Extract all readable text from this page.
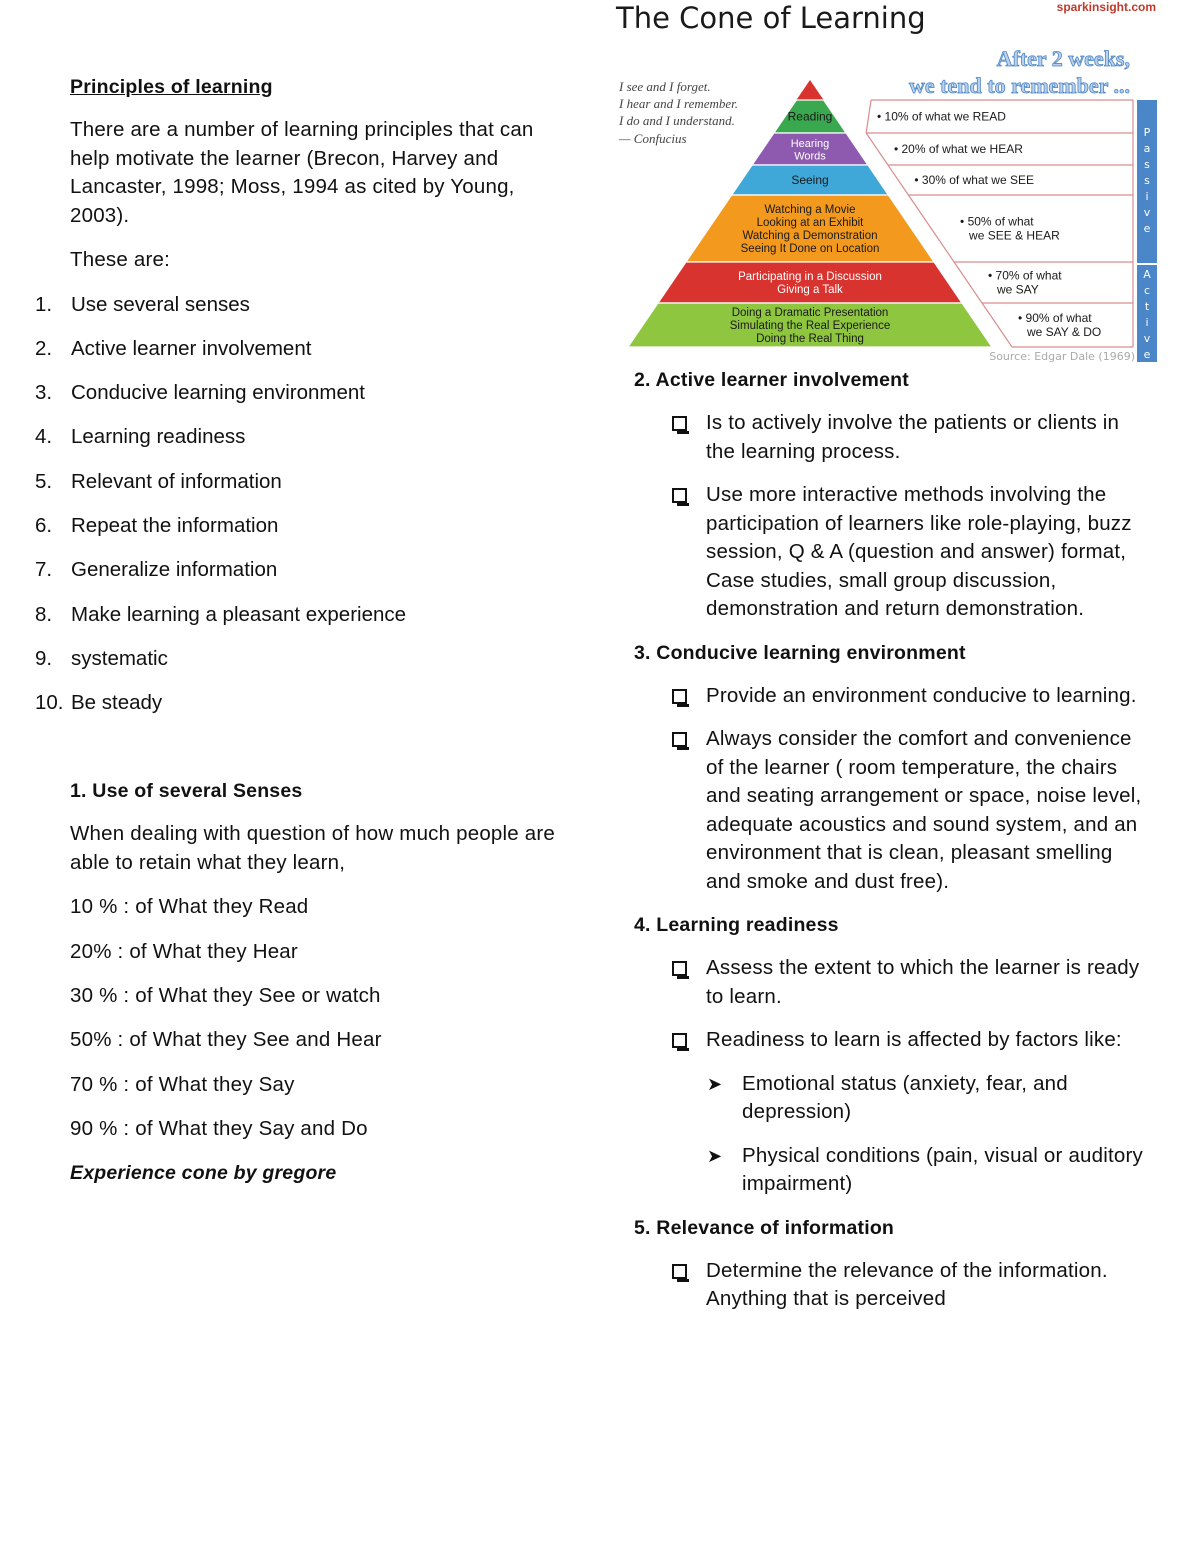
Principles of learning

There are a number of learning principles that can help motivate the learner (Brecon, Harvey and Lancaster, 1998; Moss, 1994 as cited by Young, 2003).

These are:

1. Use several senses
2. Active learner involvement
3. Conducive learning environment
4. Learning readiness
5. Relevant of information
6. Repeat the information
7. Generalize information
8. Make learning a pleasant experience
9. systematic
10. Be steady

1. Use of several Senses

When dealing with question of how much people are able to retain what they learn,

10 % : of What they Read

20% : of What they Hear

30 % : of What they See or watch

50% : of What they See and Hear

70 % : of What they Say

90 % : of What they Say and Do

Experience cone by gregore

The Cone of Learning	sparkinsight.com
After 2 weeks,
we tend to remember ...
I see and I forget.
I hear and I remember.
I do and I understand.
— Confucius
Reading
Hearing
Words
Seeing
Watching a Movie
Looking at an Exhibit
Watching a Demonstration
Seeing It Done on Location
Participating in a Discussion
Giving a Talk
Doing a Dramatic Presentation
Simulating the Real Experience
Doing the Real Thing
• 10% of what we READ
• 20% of what we HEAR
• 30% of what we SEE
• 50% of what
we SEE & HEAR
• 70% of what
we SAY
• 90% of what
we SAY & DO
P
a
s
s
i
v
e
A
c
t
i
v
e
Source: Edgar Dale (1969)

2. Active learner involvement

Is to actively involve the patients or clients in the learning process.
Use more interactive methods involving the participation of learners like role-playing, buzz session, Q & A (question and answer) format, Case studies, small group discussion, demonstration and return demonstration.

3. Conducive learning environment

Provide an environment conducive to learning.
Always consider the comfort and convenience of the learner ( room temperature, the chairs and seating arrangement or space, noise level, adequate acoustics and sound system, and an environment that is clean, pleasant smelling and smoke and dust free).

4. Learning readiness

Assess the extent to which the learner is ready to learn.
Readiness to learn is affected by factors like:
➤ Emotional status (anxiety, fear, and depression)
➤ Physical conditions (pain, visual or auditory impairment)

5. Relevance of information

Determine the relevance of the information. Anything that is perceived
